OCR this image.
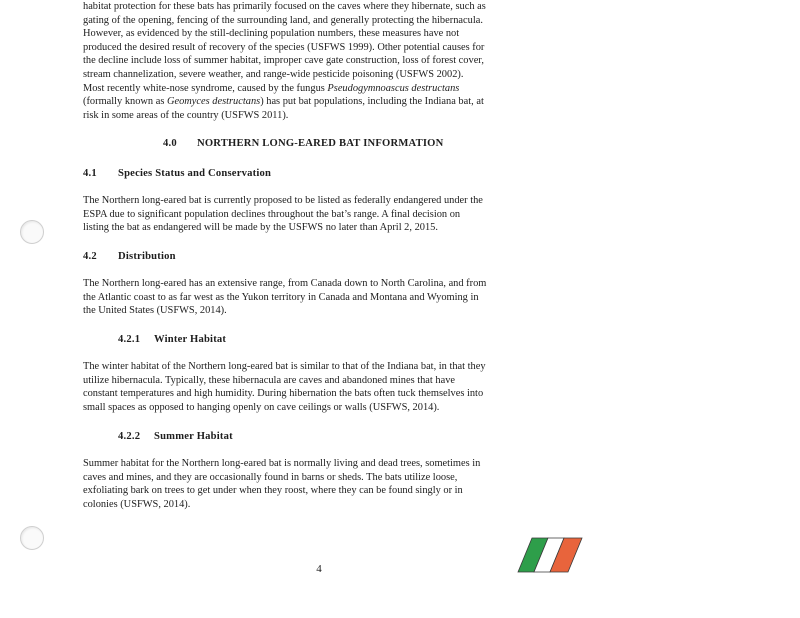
habitat protection for these bats has primarily focused on the caves where they hibernate, such as

gating of the opening, fencing of the surrounding land, and generally protecting the hibernacula.

However, as evidenced by the still-declining population numbers, these measures have not

produced the desired result of recovery of the species (USFWS 1999). Other potential causes for

the decline include loss of summer habitat, improper cave gate construction, loss of forest cover,

stream channelization, severe weather, and range-wide pesticide poisoning (USFWS 2002).

Most recently white-nose syndrome, caused by the fungus Pseudogymnoascus destructans

(formally known as Geomyces destructans) has put bat populations, including the Indiana bat, at

risk in some areas of the country (USFWS 2011).

4.0 NORTHERN LONG-EARED BAT INFORMATION
4.1 Species Status and Conservation

The Northern long-eared bat is currently proposed to be listed as federally endangered under the

ESPA due to significant population declines throughout the bat’s range. A final decision on

listing the bat as endangered will be made by the USFWS no later than April 2, 2015.

4.2 Distribution

The Northern long-eared has an extensive range, from Canada down to North Carolina, and from

the Atlantic coast to as far west as the Yukon territory in Canada and Montana and Wyoming in

the United States (USFWS, 2014).

4.2.1 Winter Habitat

The winter habitat of the Northern long-eared bat is similar to that of the Indiana bat, in that they

utilize hibernacula. Typically, these hibernacula are caves and abandoned mines that have

constant temperatures and high humidity. During hibernation the bats often tuck themselves into

small spaces as opposed to hanging openly on cave ceilings or walls (USFWS, 2014).

4.2.2 Summer Habitat

Summer habitat for the Northern long-eared bat is normally living and dead trees, sometimes in

caves and mines, and they are occasionally found in barns or sheds. The bats utilize loose,

exfoliating bark on trees to get under when they roost, where they can be found singly or in

colonies (USFWS, 2014).

4
